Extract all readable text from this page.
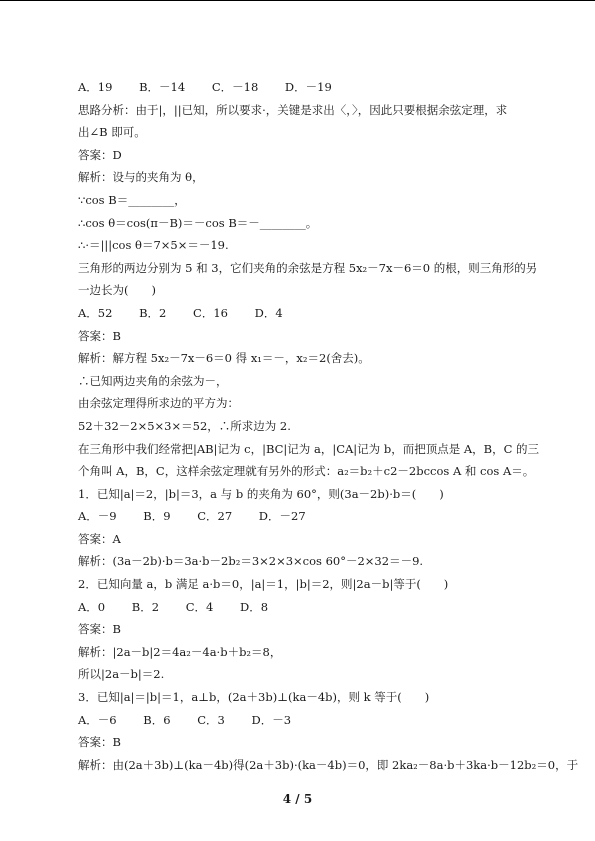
A．19　　 B．－14　　 C．－18　　 D．－19
思路分析：由于|，||已知，所以要求·，关键是求出〈，〉，因此只要根据余弦定理，求
出∠B 即可。
答案：D
解析：设与的夹角为 θ，
∵cos B＝________，
∴cos θ＝cos(π－B)＝－cos B＝－________。
∴·＝|||cos θ＝7×5×＝－19.
三角形的两边分别为 5 和 3，它们夹角的余弦是方程 5x₂－7x－6＝0 的根，则三角形的另
一边长为(　　)
A．52　　 B．2　　 C．16　　 D．4
答案：B
解析：解方程 5x₂－7x－6＝0 得 x₁＝－，x₂＝2(舍去)。
∴已知两边夹角的余弦为－，
由余弦定理得所求边的平方为：
52＋32－2×5×3×＝52，∴所求边为 2.
在三角形中我们经常把|AB|记为 c，|BC|记为 a，|CA|记为 b，而把顶点是 A，B，C 的三
个角叫 A，B，C，这样余弦定理就有另外的形式：a₂＝b₂＋c2－2bccos A 和 cos A＝。
1．已知|a|＝2，|b|＝3，a 与 b 的夹角为 60°，则(3a－2b)·b＝(　　)
A．－9　　 B．9　　 C．27　　 D．－27
答案：A
解析：(3a－2b)·b＝3a·b－2b₂＝3×2×3×cos 60°－2×32＝－9.
2．已知向量 a，b 满足 a·b＝0，|a|＝1，|b|＝2，则|2a－b|等于(　　)
A．0　　 B．2　　 C．4　　 D．8
答案：B
解析：|2a－b|2＝4a₂－4a·b＋b₂＝8，
所以|2a－b|＝2.
3．已知|a|＝|b|＝1，a⊥b，(2a＋3b)⊥(ka－4b)，则 k 等于(　　)
A．－6　　 B．6　　 C．3　　 D．－3
答案：B
解析：由(2a＋3b)⊥(ka－4b)得(2a＋3b)·(ka－4b)＝0，即 2ka₂－8a·b＋3ka·b－12b₂＝0，于
4 / 5
